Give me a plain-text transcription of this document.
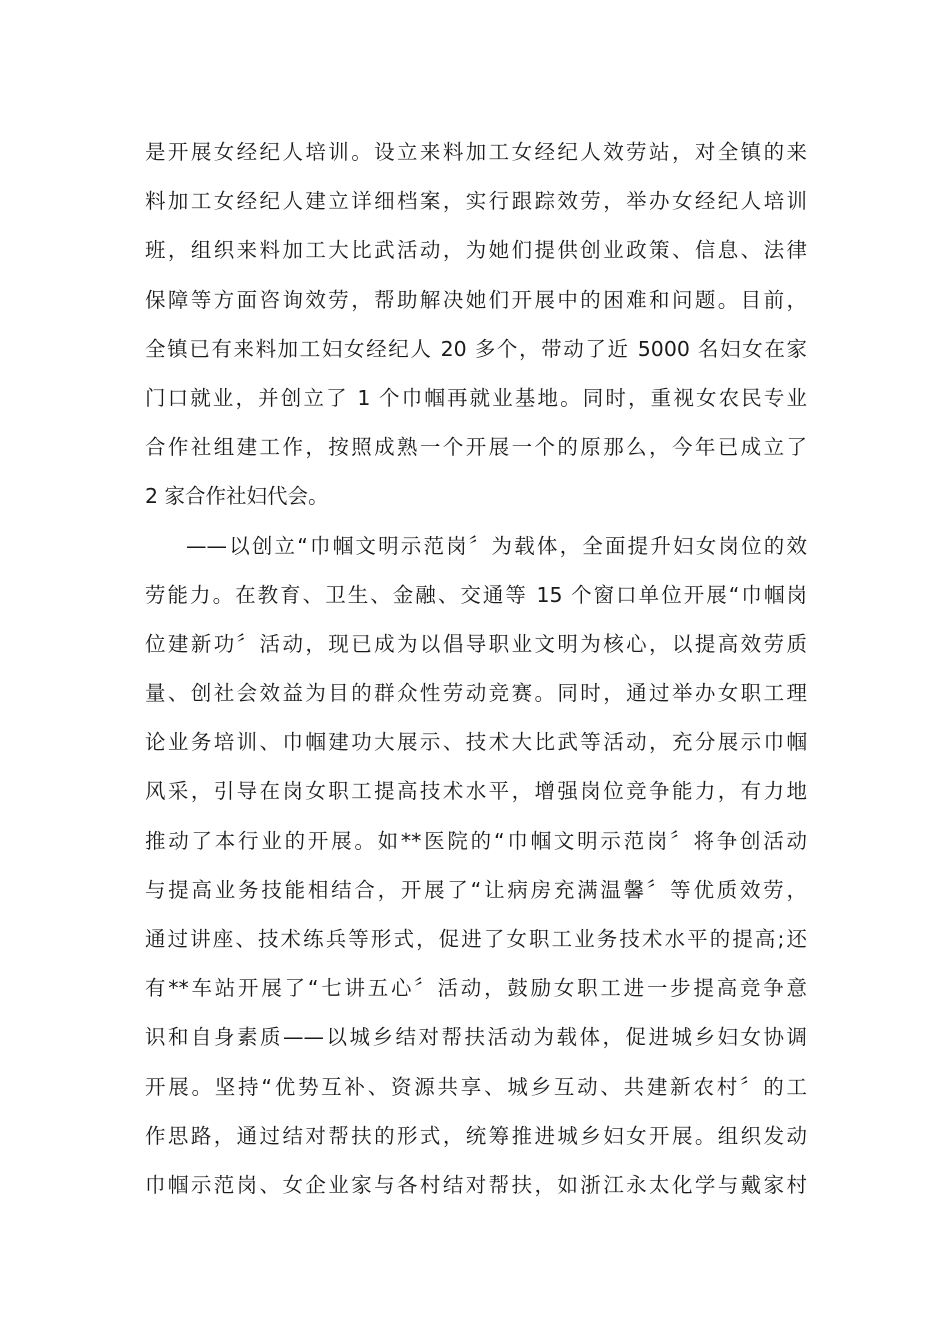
是开展女经纪人培训。设立来料加工女经纪人效劳站，对全镇的来
料加工女经纪人建立详细档案，实行跟踪效劳，举办女经纪人培训
班，组织来料加工大比武活动，为她们提供创业政策、信息、法律
保障等方面咨询效劳，帮助解决她们开展中的困难和问题。目前，
全镇已有来料加工妇女经纪人 20 多个，带动了近 5000 名妇女在家
门口就业，并创立了 1 个巾帼再就业基地。同时，重视女农民专业
合作社组建工作，按照成熟一个开展一个的原那么，今年已成立了
2 家合作社妇代会。
——以创立“巾帼文明示范岗〞为载体，全面提升妇女岗位的效
劳能力。在教育、卫生、金融、交通等 15 个窗口单位开展“巾帼岗
位建新功〞活动，现已成为以倡导职业文明为核心，以提高效劳质
量、创社会效益为目的群众性劳动竞赛。同时，通过举办女职工理
论业务培训、巾帼建功大展示、技术大比武等活动，充分展示巾帼
风采，引导在岗女职工提高技术水平，增强岗位竞争能力，有力地
推动了本行业的开展。如**医院的“巾帼文明示范岗〞将争创活动
与提高业务技能相结合，开展了“让病房充满温馨〞等优质效劳，
通过讲座、技术练兵等形式，促进了女职工业务技术水平的提高;还
有**车站开展了“七讲五心〞活动，鼓励女职工进一步提高竞争意
识和自身素质——以城乡结对帮扶活动为载体，促进城乡妇女协调
开展。坚持“优势互补、资源共享、城乡互动、共建新农村〞的工
作思路，通过结对帮扶的形式，统筹推进城乡妇女开展。组织发动
巾帼示范岗、女企业家与各村结对帮扶，如浙江永太化学与戴家村
